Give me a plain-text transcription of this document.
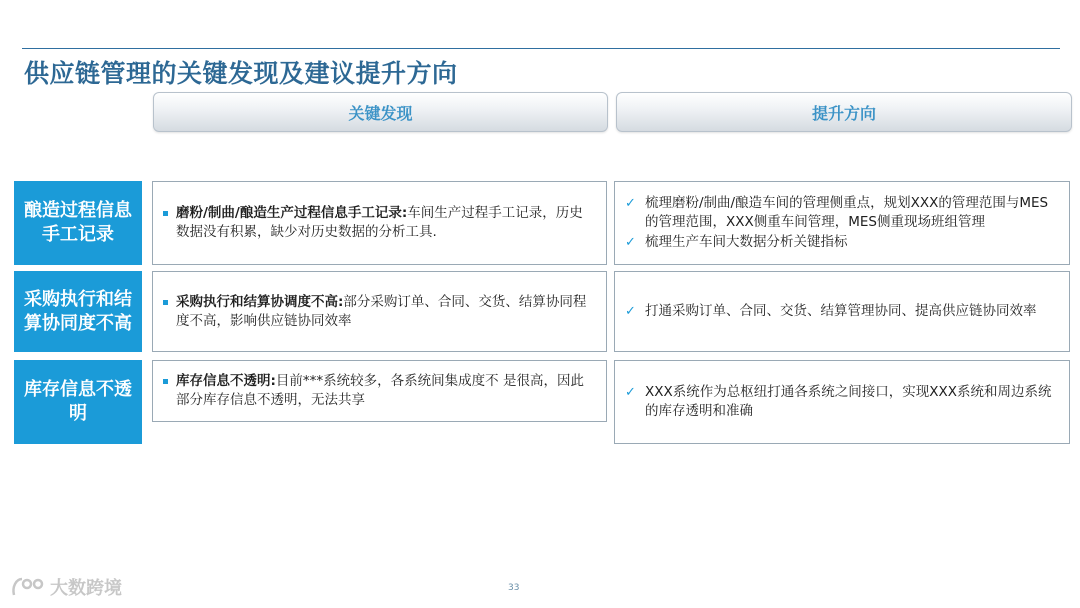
供应链管理的关键发现及建议提升方向
关键发现	提升方向
酿造过程信息手工记录
磨粉/制曲/酿造生产过程信息手工记录:车间生产过程手工记录，历史数据没有积累，缺少对历史数据的分析工具.
✓ 梳理磨粉/制曲/酿造车间的管理侧重点，规划XXX的管理范围与MES的管理范围，XXX侧重车间管理，MES侧重现场班组管理
✓ 梳理生产车间大数据分析关键指标
采购执行和结算协同度不高
采购执行和结算协调度不高:部分采购订单、合同、交货、结算协同程度不高，影响供应链协同效率
✓ 打通采购订单、合同、交货、结算管理协同、提高供应链协同效率
库存信息不透明
库存信息不透明:目前***系统较多，各系统间集成度不 是很高，因此部分库存信息不透明，无法共享	✓ XXX系统作为总枢纽打通各系统之间接口，实现XXX系统和周边系统的库存透明和准确
33
大数跨境
